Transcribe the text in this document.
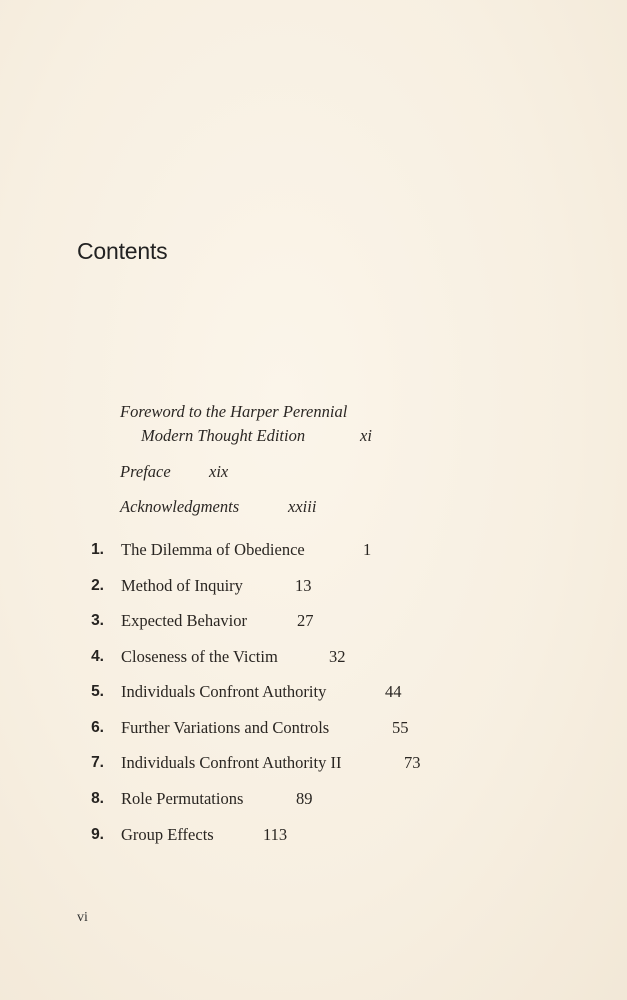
Contents
Foreword to the Harper Perennial
Modern Thought Edition	xi
Preface xix
Acknowledgments	xxiii
1. The Dilemma of Obedience	1
2. Method of Inquiry	13
3. Expected Behavior	27
4. Closeness of the Victim	32
5. Individuals Confront Authority	44
6. Further Variations and Controls	55
7. Individuals Confront Authority II	73
8. Role Permutations	89
9. Group Effects	113
vi
